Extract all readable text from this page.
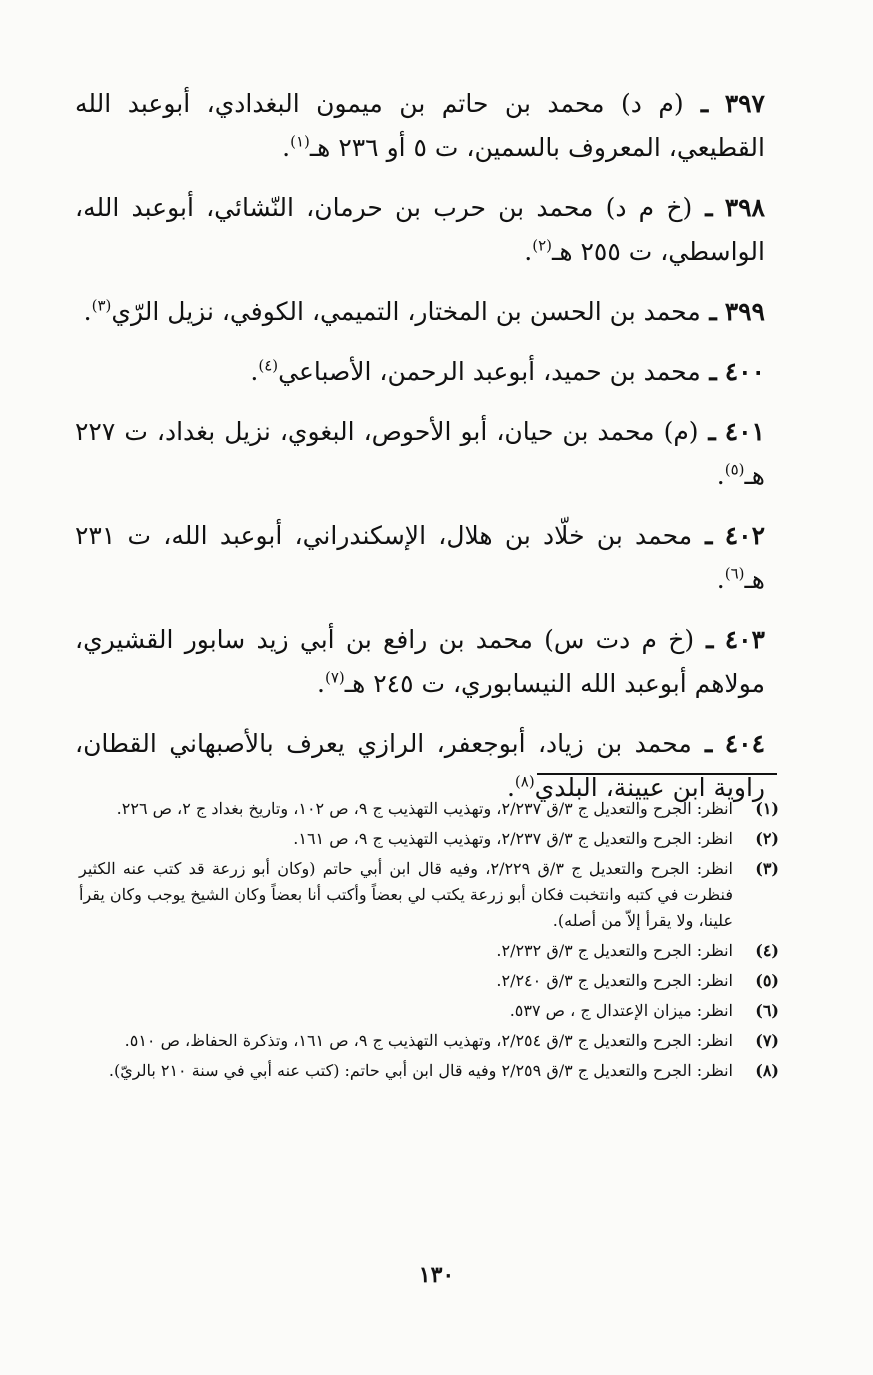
٣٩٧ ـ (م د) محمد بن حاتم بن ميمون البغدادي، أبوعبد الله القطيعي، المعروف بالسمين، ت ٥ أو ٢٣٦ هـ$^{(١)}$.

٣٩٨ ـ (خ م د) محمد بن حرب بن حرمان، النّشائي، أبوعبد الله، الواسطي، ت ٢٥٥ هـ$^{(٢)}$.

٣٩٩ ـ محمد بن الحسن بن المختار، التميمي، الكوفي، نزيل الرّي$^{(٣)}$.

٤٠٠ ـ محمد بن حميد، أبوعبد الرحمن، الأصباعي$^{(٤)}$.

٤٠١ ـ (م) محمد بن حيان، أبو الأحوص، البغوي، نزيل بغداد، ت ٢٢٧ هـ$^{(٥)}$.

٤٠٢ ـ محمد بن خلّاد بن هلال، الإسكندراني، أبوعبد الله، ت ٢٣١ هـ$^{(٦)}$.

٤٠٣ ـ (خ م دت س) محمد بن رافع بن أبي زيد سابور القشيري، مولاهم أبوعبد الله النيسابوري، ت ٢٤٥ هـ$^{(٧)}$.

٤٠٤ ـ محمد بن زياد، أبوجعفر، الرازي يعرف بالأصبهاني القطان، راوية ابن عيينة، البلدي$^{(٨)}$.

(١)
انظر: الجرح والتعديل ج ٣/ق ٢/٢٣٧، وتهذيب التهذيب ج ٩، ص ١٠٢، وتاريخ بغداد ج ٢، ص ٢٢٦.
(٢)
انظر: الجرح والتعديل ج ٣/ق ٢/٢٣٧، وتهذيب التهذيب ج ٩، ص ١٦١.
(٣)
انظر: الجرح والتعديل ج ٣/ق ٢/٢٢٩، وفيه قال ابن أبي حاتم (وكان أبو زرعة قد كتب عنه الكثير فنظرت في كتبه وانتخبت فكان أبو زرعة يكتب لي بعضاً وأكتب أنا بعضاً وكان الشيخ يوجب وكان يقرأ علينا، ولا يقرأ إلاّ من أصله).
(٤)
انظر: الجرح والتعديل ج ٣/ق ٢/٢٣٢.
(٥)
انظر: الجرح والتعديل ج ٣/ق ٢/٢٤٠.
(٦)
انظر: ميزان الإعتدال ج ، ص ٥٣٧.
(٧)
انظر: الجرح والتعديل ج ٣/ق ٢/٢٥٤، وتهذيب التهذيب ج ٩، ص ١٦١، وتذكرة الحفاظ، ص ٥١٠.
(٨)
انظر: الجرح والتعديل ج ٣/ق ٢/٢٥٩ وفيه قال ابن أبي حاتم: (كتب عنه أبي في سنة ٢١٠ بالريّ).
١٣٠
